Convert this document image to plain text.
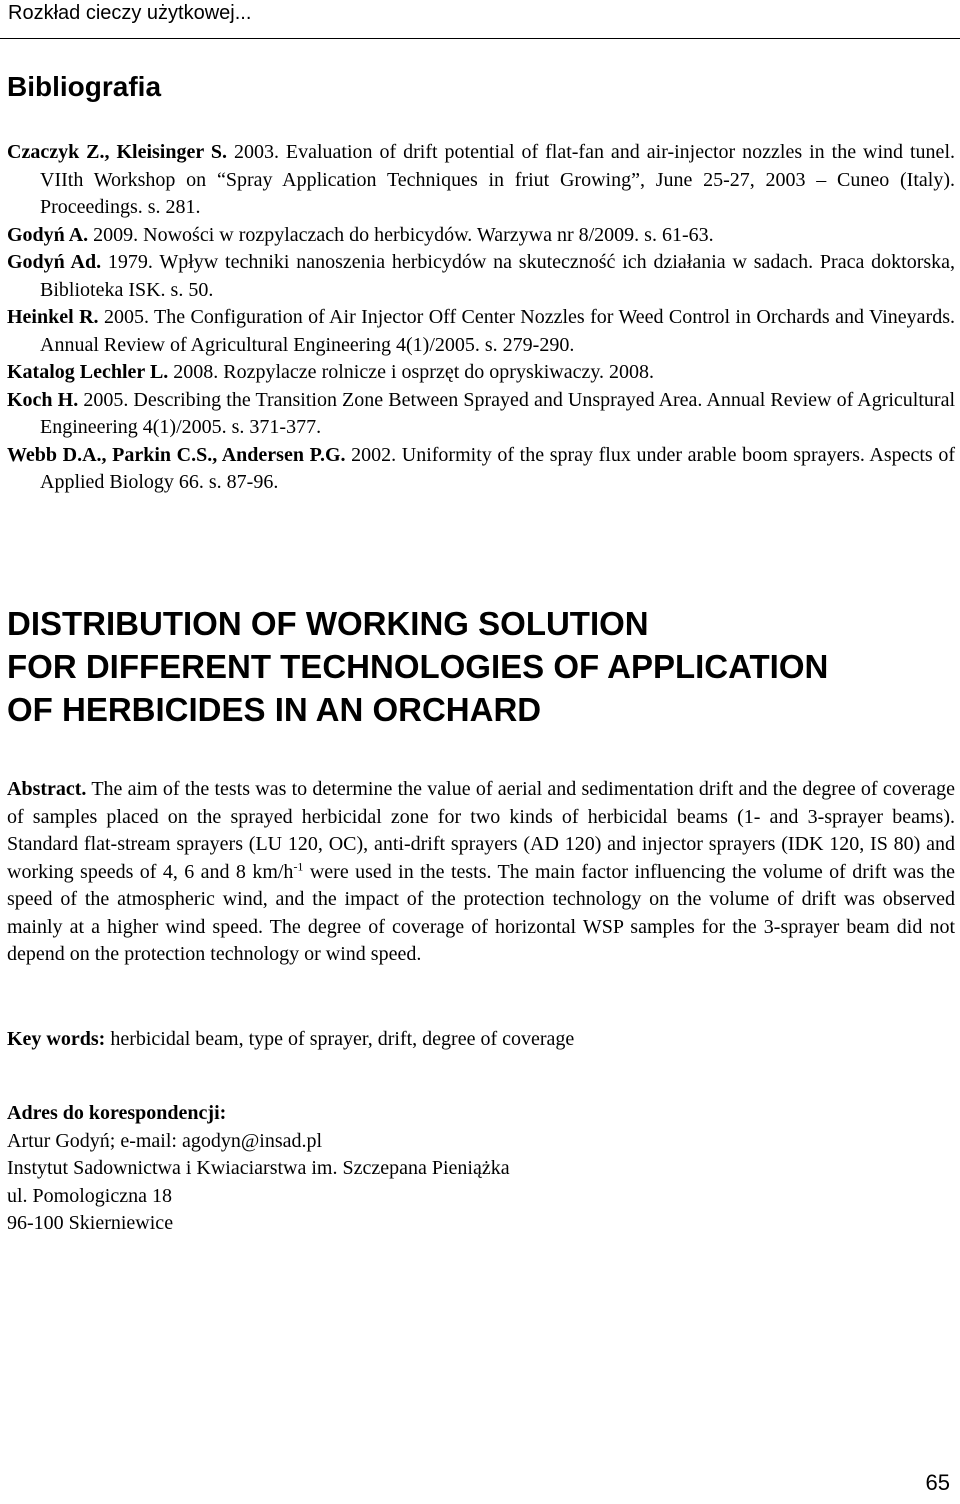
Rozkład cieczy użytkowej...
Bibliografia
Czaczyk Z., Kleisinger S. 2003. Evaluation of drift potential of flat-fan and air-injector nozzles in the wind tunel. VIIth Workshop on “Spray Application Techniques in friut Growing”, June 25-27, 2003 – Cuneo (Italy). Proceedings. s. 281.
Godyń A. 2009. Nowości w rozpylaczach do herbicydów. Warzywa nr 8/2009. s. 61-63.
Godyń Ad. 1979. Wpływ techniki nanoszenia herbicydów na skuteczność ich działania w sadach. Praca doktorska, Biblioteka ISK. s. 50.
Heinkel R. 2005. The Configuration of Air Injector Off Center Nozzles for Weed Control in Orchards and Vineyards. Annual Review of Agricultural Engineering 4(1)/2005. s. 279-290.
Katalog Lechler L. 2008. Rozpylacze rolnicze i osprzęt do opryskiwaczy. 2008.
Koch H. 2005. Describing the Transition Zone Between Sprayed and Unsprayed Area. Annual Review of Agricultural Engineering 4(1)/2005. s. 371-377.
Webb D.A., Parkin C.S., Andersen P.G. 2002. Uniformity of the spray flux under arable boom sprayers. Aspects of Applied Biology 66. s. 87-96.
DISTRIBUTION OF WORKING SOLUTION
FOR DIFFERENT TECHNOLOGIES OF APPLICATION
OF HERBICIDES IN AN ORCHARD
Abstract. The aim of the tests was to determine the value of aerial and sedimentation drift and the degree of coverage of samples placed on the sprayed herbicidal zone for two kinds of herbicidal beams (1- and 3-sprayer beams). Standard flat-stream sprayers (LU 120, OC), anti-drift sprayers (AD 120) and injector sprayers (IDK 120, IS 80) and working speeds of 4, 6 and 8 $km/h^{-1}$ were used in the tests. The main factor influencing the volume of drift was the speed of the atmospheric wind, and the impact of the protection technology on the volume of drift was observed mainly at a higher wind speed. The degree of coverage of horizontal WSP samples for the 3-sprayer beam did not depend on the protection technology or wind speed.
Key words: herbicidal beam, type of sprayer, drift, degree of coverage
Adres do korespondencji:
Artur Godyń; e-mail: agodyn@insad.pl
Instytut Sadownictwa i Kwiaciarstwa im. Szczepana Pieniążka
ul. Pomologiczna 18
96-100 Skierniewice
65
